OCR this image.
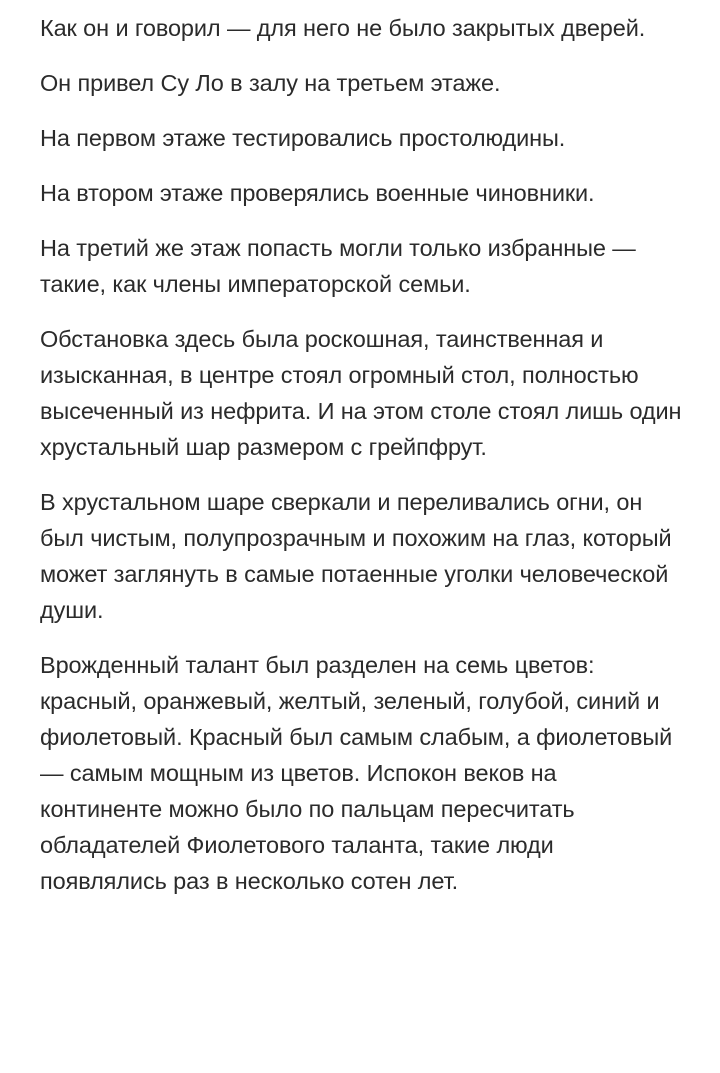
Как он и говорил — для него не было закрытых дверей.

Он привел Су Ло в залу на третьем этаже.

На первом этаже тестировались простолюдины.

На втором этаже проверялись военные чиновники.

На третий же этаж попасть могли только избранные — такие, как члены императорской семьи.

Обстановка здесь была роскошная, таинственная и изысканная, в центре стоял огромный стол, полностью высеченный из нефрита. И на этом столе стоял лишь один хрустальный шар размером с грейпфрут.

В хрустальном шаре сверкали и переливались огни, он был чистым, полупрозрачным и похожим на глаз, который может заглянуть в самые потаенные уголки человеческой души.

Врожденный талант был разделен на семь цветов: красный, оранжевый, желтый, зеленый, голубой, синий и фиолетовый. Красный был самым слабым, а фиолетовый — самым мощным из цветов. Испокон веков на континенте можно было по пальцам пересчитать обладателей Фиолетового таланта, такие люди появлялись раз в несколько сотен лет.
